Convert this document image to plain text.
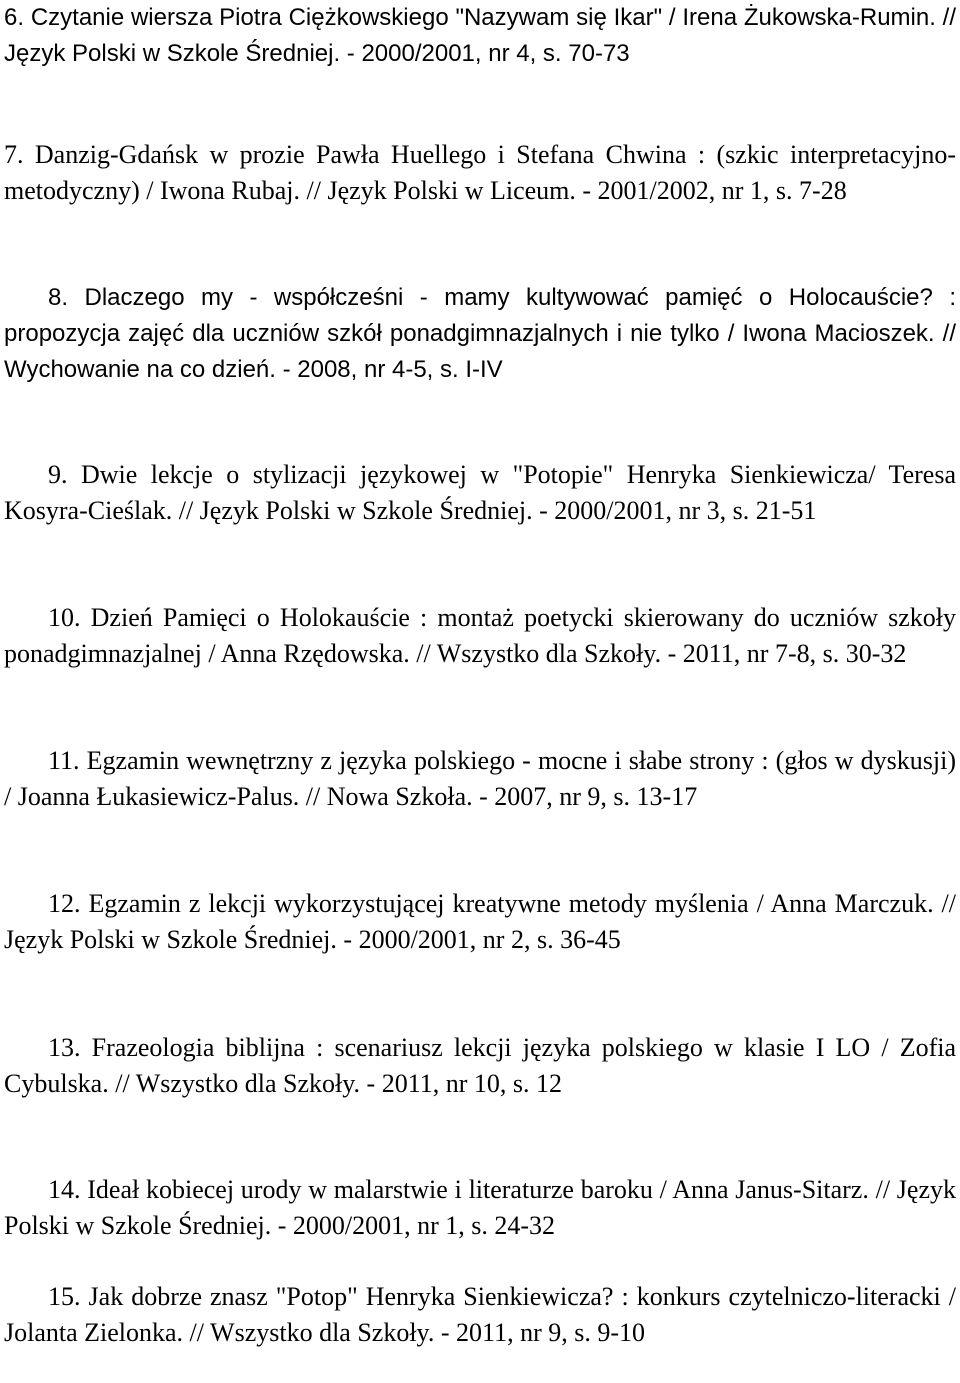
6. Czytanie wiersza Piotra Ciężkowskiego "Nazywam się Ikar" / Irena Żukowska-Rumin. // Język Polski w Szkole Średniej. - 2000/2001, nr 4, s. 70-73

7. Danzig-Gdańsk w prozie Pawła Huellego i Stefana Chwina : (szkic interpretacyjno-metodyczny) / Iwona Rubaj. // Język Polski w Liceum. - 2001/2002, nr 1, s. 7-28

8. Dlaczego my - współcześni - mamy kultywować pamięć o Holocauście? : propozycja zajęć dla uczniów szkół ponadgimnazjalnych i nie tylko / Iwona Macioszek. // Wychowanie na co dzień. - 2008, nr 4-5, s. I-IV

9. Dwie lekcje o stylizacji językowej w "Potopie" Henryka Sienkiewicza/ Teresa Kosyra-Cieślak. // Język Polski w Szkole Średniej. - 2000/2001, nr 3, s. 21-51

10. Dzień Pamięci o Holokauście : montaż poetycki skierowany do uczniów szkoły ponadgimnazjalnej / Anna Rzędowska. // Wszystko dla Szkoły. - 2011, nr 7-8, s. 30-32

11. Egzamin wewnętrzny z języka polskiego - mocne i słabe strony : (głos w dyskusji) / Joanna Łukasiewicz-Palus. // Nowa Szkoła. - 2007, nr 9, s. 13-17

12. Egzamin z lekcji wykorzystującej kreatywne metody myślenia / Anna Marczuk. // Język Polski w Szkole Średniej. - 2000/2001, nr 2, s. 36-45

13. Frazeologia biblijna : scenariusz lekcji języka polskiego w klasie I LO / Zofia Cybulska. // Wszystko dla Szkoły. - 2011, nr 10, s. 12

14. Ideał kobiecej urody w malarstwie i literaturze baroku / Anna Janus-Sitarz. // Język Polski w Szkole Średniej. - 2000/2001, nr 1, s. 24-32

15. Jak dobrze znasz "Potop" Henryka Sienkiewicza? : konkurs czytelniczo-literacki / Jolanta Zielonka. // Wszystko dla Szkoły. - 2011, nr 9, s. 9-10
